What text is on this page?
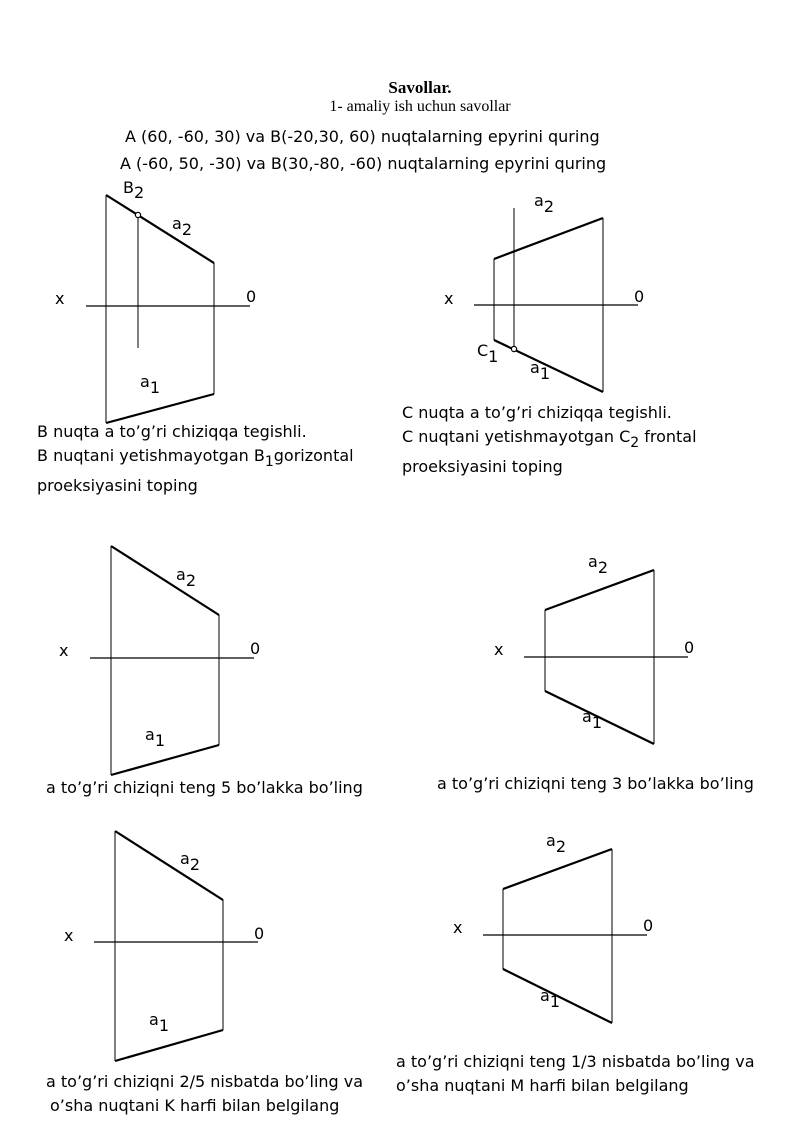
Savollar.
1- amaliy ish uchun savollar
A (60, -60, 30) va B(-20,30, 60) nuqtalarning epyrini quring
A (-60, 50, -30) va B(30,-80, -60) nuqtalarning epyrini quring
x	0
B2
a2
a1
x	0
a2
C1
a1
x	0
a2
a1
x	0
a2
a1
x	0
a2
a1
x	0
a2
a1
B nuqta a to’g’ri chiziqqa tegishli.
B nuqtani yetishmayotgan B1gorizontal
proeksiyasini toping
C nuqta a to’g’ri chiziqqa tegishli.
C nuqtani yetishmayotgan C2 frontal
proeksiyasini toping
a to’g’ri chiziqni teng 5 bo’lakka bo’ling	a to’g’ri chiziqni teng 3 bo’lakka bo’ling
a to’g’ri chiziqni 2/5 nisbatda bo’ling va
o’sha nuqtani K harfi bilan belgilang
a to’g’ri chiziqni teng 1/3 nisbatda bo’ling va
o’sha nuqtani M harfi bilan belgilang
